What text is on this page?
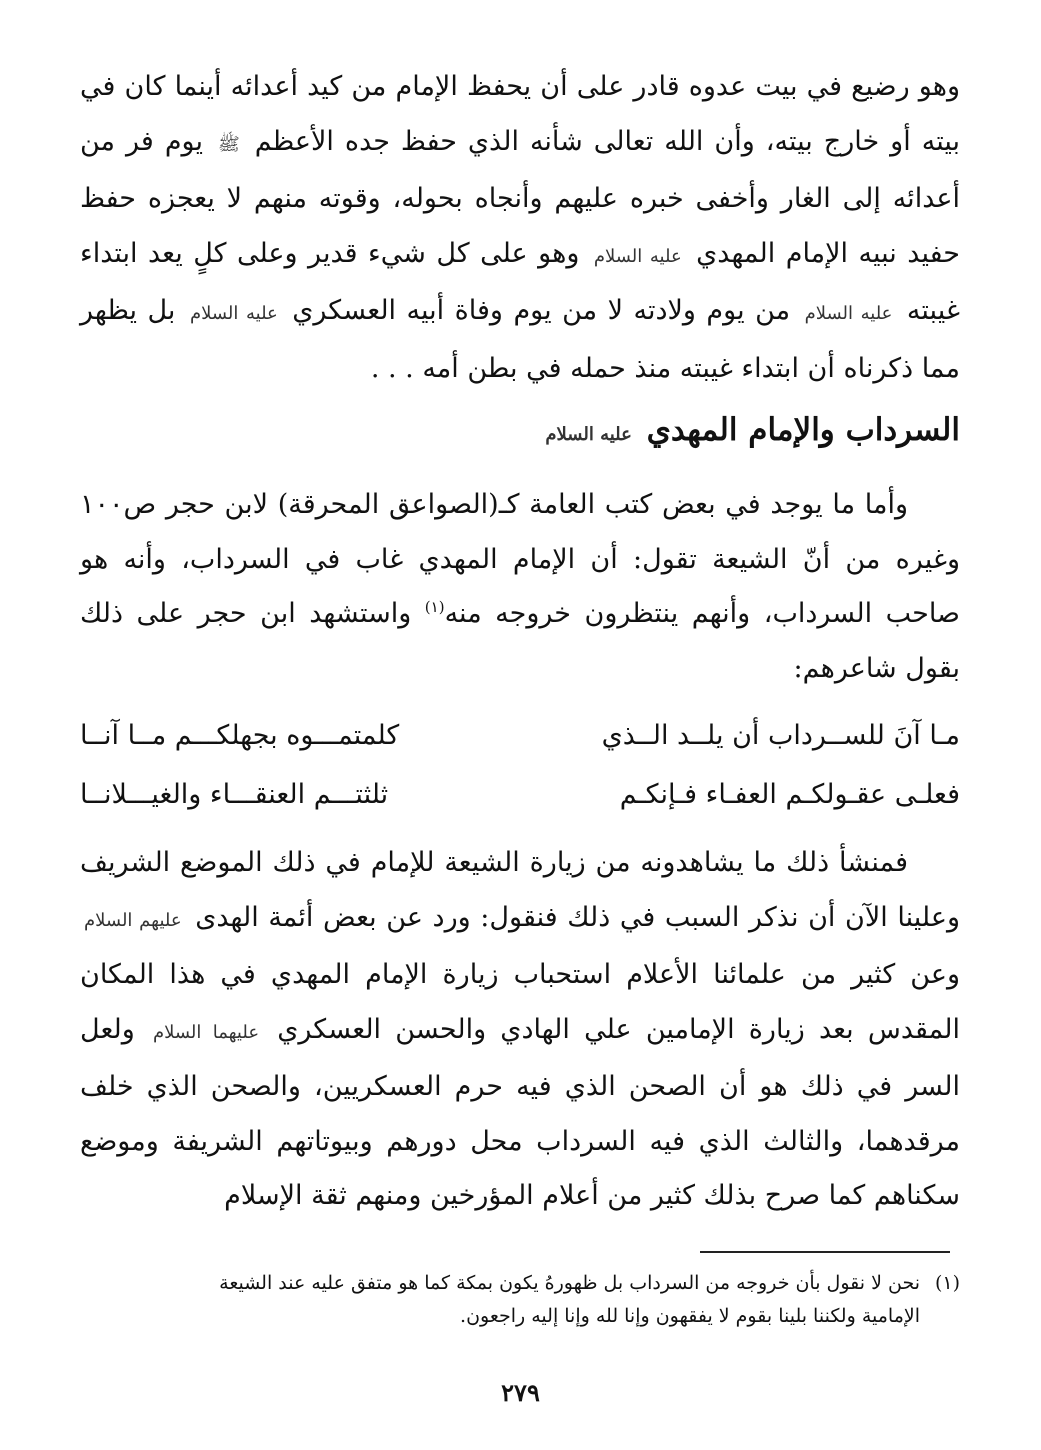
وهو رضيع في بيت عدوه قادر على أن يحفظ الإمام من كيد أعدائه أينما كان في بيته أو خارج بيته، وأن الله تعالى شأنه الذي حفظ جده الأعظم ﷺ يوم فر من أعدائه إلى الغار وأخفى خبره عليهم وأنجاه بحوله، وقوته منهم لا يعجزه حفظ حفيد نبيه الإمام المهدي عليه السلام وهو على كل شيء قدير وعلى كلٍ يعد ابتداء غيبته عليه السلام من يوم ولادته لا من يوم وفاة أبيه العسكري عليه السلام بل يظهر مما ذكرناه أن ابتداء غيبته منذ حمله في بطن أمه . . .

السرداب والإمام المهدي عليه السلام

وأما ما يوجد في بعض كتب العامة كـ(الصواعق المحرقة) لابن حجر ص١٠٠ وغيره من أنّ الشيعة تقول: أن الإمام المهدي غاب في السرداب، وأنه هو صاحب السرداب، وأنهم ينتظرون خروجه منه$^{(١)}$ واستشهد ابن حجر على ذلك بقول شاعرهم:

مـا آنَ للســرداب أن يلــد الــذي
كلمتمـــوه بجهلكـــم مــا آنــا
فعلـى عقـولكـم العفـاء فـإنكـم
ثلثتـــم العنقـــاء والغيـــلانــا

فمنشأ ذلك ما يشاهدونه من زيارة الشيعة للإمام في ذلك الموضع الشريف وعلينا الآن أن نذكر السبب في ذلك فنقول: ورد عن بعض أئمة الهدى عليهم السلام وعن كثير من علمائنا الأعلام استحباب زيارة الإمام المهدي في هذا المكان المقدس بعد زيارة الإمامين علي الهادي والحسن العسكري عليهما السلام ولعل السر في ذلك هو أن الصحن الذي فيه حرم العسكريين، والصحن الذي خلف مرقدهما، والثالث الذي فيه السرداب محل دورهم وبيوتاتهم الشريفة وموضع سكناهم كما صرح بذلك كثير من أعلام المؤرخين ومنهم ثقة الإسلام

(١)نحن لا نقول بأن خروجه من السرداب بل ظهورهُ يكون بمكة كما هو متفق عليه عند الشيعة
الإمامية ولكننا بلينا بقوم لا يفقهون وإنا لله وإنا إليه راجعون.
٢٧٩
